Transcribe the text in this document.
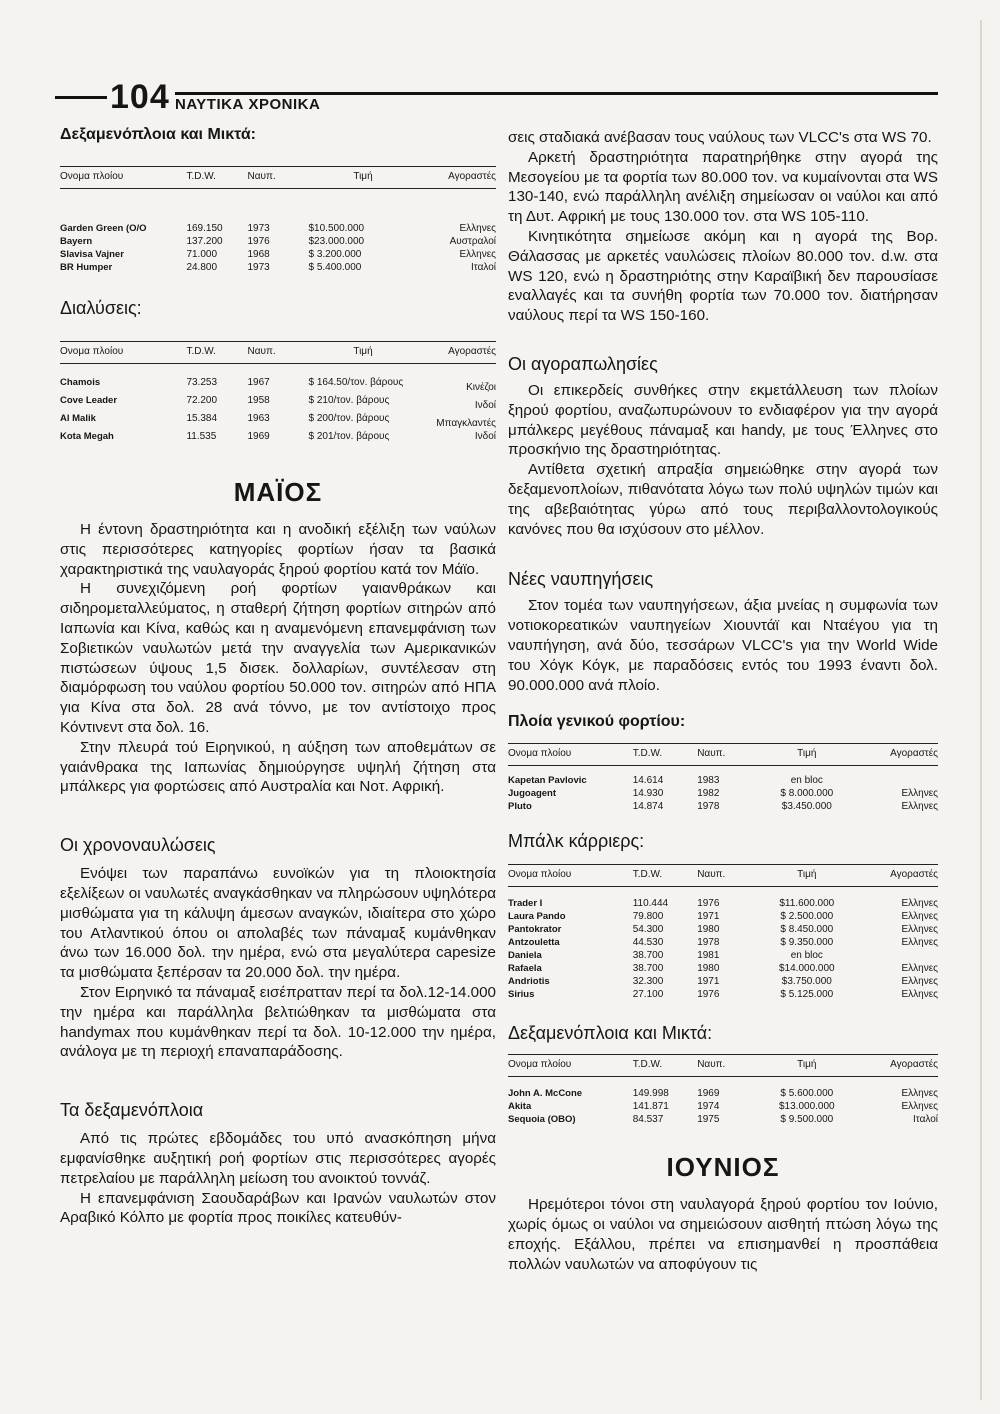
104 ΝΑΥΤΙΚΑ ΧΡΟΝΙΚΑ
Δεξαμενόπλοια και Μικτά:
Ονομα πλοίου	T.D.W.	Ναυπ.	Τιμή	Αγοραστές

Garden Green (O/O	169.150	1973	$10.500.000	Ελληνες
Bayern	137.200	1976	$23.000.000	Αυστραλοί
Slavisa Vajner	71.000	1968	$ 3.200.000	Ελληνες
BR Humper	24.800	1973	$ 5.400.000	Ιταλοί
Διαλύσεις:
Ονομα πλοίου	T.D.W.	Ναυπ.	Τιμή	Αγοραστές

Chamois	73.253	1967	$ 164.50/τον. βάρους	Κινέζοι
Cove Leader	72.200	1958	$ 210/τον. βάρους	Ινδοί
Al Malik	15.384	1963	$ 200/τον. βάρους	Μπαγκλαντές
Kota Megah	11.535	1969	$ 201/τον. βάρους	Ινδοί
ΜΑΪΟΣ

Η έντονη δραστηριότητα και η ανοδική εξέλιξη των ναύλων στις περισσότερες κατηγορίες φορτίων ήσαν τα βασικά χαρακτηριστικά της ναυλαγοράς ξηρού φορτίου κατά τον Μάϊο.

Η συνεχιζόμενη ροή φορτίων γαιανθράκων και σιδηρομεταλλεύματος, η σταθερή ζήτηση φορτίων σιτηρών από Ιαπωνία και Κίνα, καθώς και η αναμενόμενη επανεμφάνιση των Σοβιετικών ναυλωτών μετά την αναγγελία των Αμερικανικών πιστώσεων ύψους 1,5 δισεκ. δολλαρίων, συντέλεσαν στη διαμόρφωση του ναύλου φορτίου 50.000 τον. σιτηρών από ΗΠΑ για Κίνα στα δολ. 28 ανά τόννο, με τον αντίστοιχο προς Κόντινεντ στα δολ. 16.

Στην πλευρά τού Ειρηνικού, η αύξηση των αποθεμάτων σε γαιάνθρακα της Ιαπωνίας δημιούργησε υψηλή ζήτηση στα μπάλκερς για φορτώσεις από Αυστραλία και Νοτ. Αφρική.

Οι χρονοναυλώσεις

Ενόψει των παραπάνω ευνοϊκών για τη πλοιοκτησία εξελίξεων οι ναυλωτές αναγκάσθηκαν να πληρώσουν υψηλότερα μισθώματα για τη κάλυψη άμεσων αναγκών, ιδιαίτερα στο χώρο του Ατλαντικού όπου οι απολαβές των πάναμαξ κυμάνθηκαν άνω των 16.000 δολ. την ημέρα, ενώ στα μεγαλύτερα capesize τα μισθώματα ξεπέρσαν τα 20.000 δολ. την ημέρα.

Στον Ειρηνικό τα πάναμαξ εισέπρατταν περί τα δολ.12-14.000 την ημέρα και παράλληλα βελτιώθηκαν τα μισθώματα στα handymax που κυμάνθηκαν περί τα δολ. 10-12.000 την ημέρα, ανάλογα με τη περιοχή επαναπαράδοσης.

Τα δεξαμενόπλοια

Από τις πρώτες εβδομάδες του υπό ανασκόπηση μήνα εμφανίσθηκε αυξητική ροή φορτίων στις περισσότερες αγορές πετρελαίου με παράλληλη μείωση του ανοικτού τοννάζ.

Η επανεμφάνιση Σαουδαράβων και Ιρανών ναυλωτών στον Αραβικό Κόλπο με φορτία προς ποικίλες κατευθύν-

σεις σταδιακά ανέβασαν τους ναύλους των VLCC's στα WS 70.

Αρκετή δραστηριότητα παρατηρήθηκε στην αγορά της Μεσογείου με τα φορτία των 80.000 τον. να κυμαίνονται στα WS 130-140, ενώ παράλληλη ανέλιξη σημείωσαν οι ναύλοι και από τη Δυτ. Αφρική με τους 130.000 τον. στα WS 105-110.

Κινητικότητα σημείωσε ακόμη και η αγορά της Βορ. Θάλασσας με αρκετές ναυλώσεις πλοίων 80.000 τον. d.w. στα WS 120, ενώ η δραστηριότης στην Καραϊβική δεν παρουσίασε εναλλαγές και τα συνήθη φορτία των 70.000 τον. διατήρησαν ναύλους περί τα WS 150-160.

Οι αγοραπωλησίες

Οι επικερδείς συνθήκες στην εκμετάλλευση των πλοίων ξηρού φορτίου, αναζωπυρώνουν το ενδιαφέρον για την αγορά μπάλκερς μεγέθους πάναμαξ και handy, με τους Έλληνες στο προσκήνιο της δραστηριότητας.

Αντίθετα σχετική απραξία σημειώθηκε στην αγορά των δεξαμενοπλοίων, πιθανότατα λόγω των πολύ υψηλών τιμών και της αβεβαιότητας γύρω από τους περιβαλλοντολογικούς κανόνες που θα ισχύσουν στο μέλλον.

Νέες ναυπηγήσεις

Στον τομέα των ναυπηγήσεων, άξια μνείας η συμφωνία των νοτιοκορεατικών ναυπηγείων Χιουντάϊ και Νταέγου για τη ναυπήγηση, ανά δύο, τεσσάρων VLCC's για την World Wide του Χόγκ Κόγκ, με παραδόσεις εντός του 1993 έναντι δολ. 90.000.000 ανά πλοίο.

Πλοία γενικού φορτίου:
Ονομα πλοίου	T.D.W.	Ναυπ.	Τιμή	Αγοραστές

Kapetan Pavlovic	14.614	1983	en bloc	
Jugoagent	14.930	1982	$ 8.000.000	Ελληνες
Pluto	14.874	1978	$3.450.000	Ελληνες
Μπάλκ κάρριερς:
Ονομα πλοίου	T.D.W.	Ναυπ.	Τιμή	Αγοραστές

Trader I	110.444	1976	$11.600.000	Ελληνες
Laura Pando	79.800	1971	$ 2.500.000	Ελληνες
Pantokrator	54.300	1980	$ 8.450.000	Ελληνες
Antzouletta	44.530	1978	$ 9.350.000	Ελληνες
Daniela	38.700	1981	en bloc	
Rafaela	38.700	1980	$14.000.000	Ελληνες
Andriotis	32.300	1971	$3.750.000	Ελληνες
Sirius	27.100	1976	$ 5.125.000	Ελληνες
Δεξαμενόπλοια και Μικτά:
Ονομα πλοίου	T.D.W.	Ναυπ.	Τιμή	Αγοραστές

John A. McCone	149.998	1969	$ 5.600.000	Ελληνες
Akita	141.871	1974	$13.000.000	Ελληνες
Sequoia (OBO)	84.537	1975	$ 9.500.000	Ιταλοί
ΙΟΥΝΙΟΣ

Ηρεμότεροι τόνοι στη ναυλαγορά ξηρού φορτίου τον Ιούνιο, χωρίς όμως οι ναύλοι να σημειώσουν αισθητή πτώση λόγω της εποχής. Εξάλλου, πρέπει να επισημανθεί η προσπάθεια πολλών ναυλωτών να αποφύγουν τις
